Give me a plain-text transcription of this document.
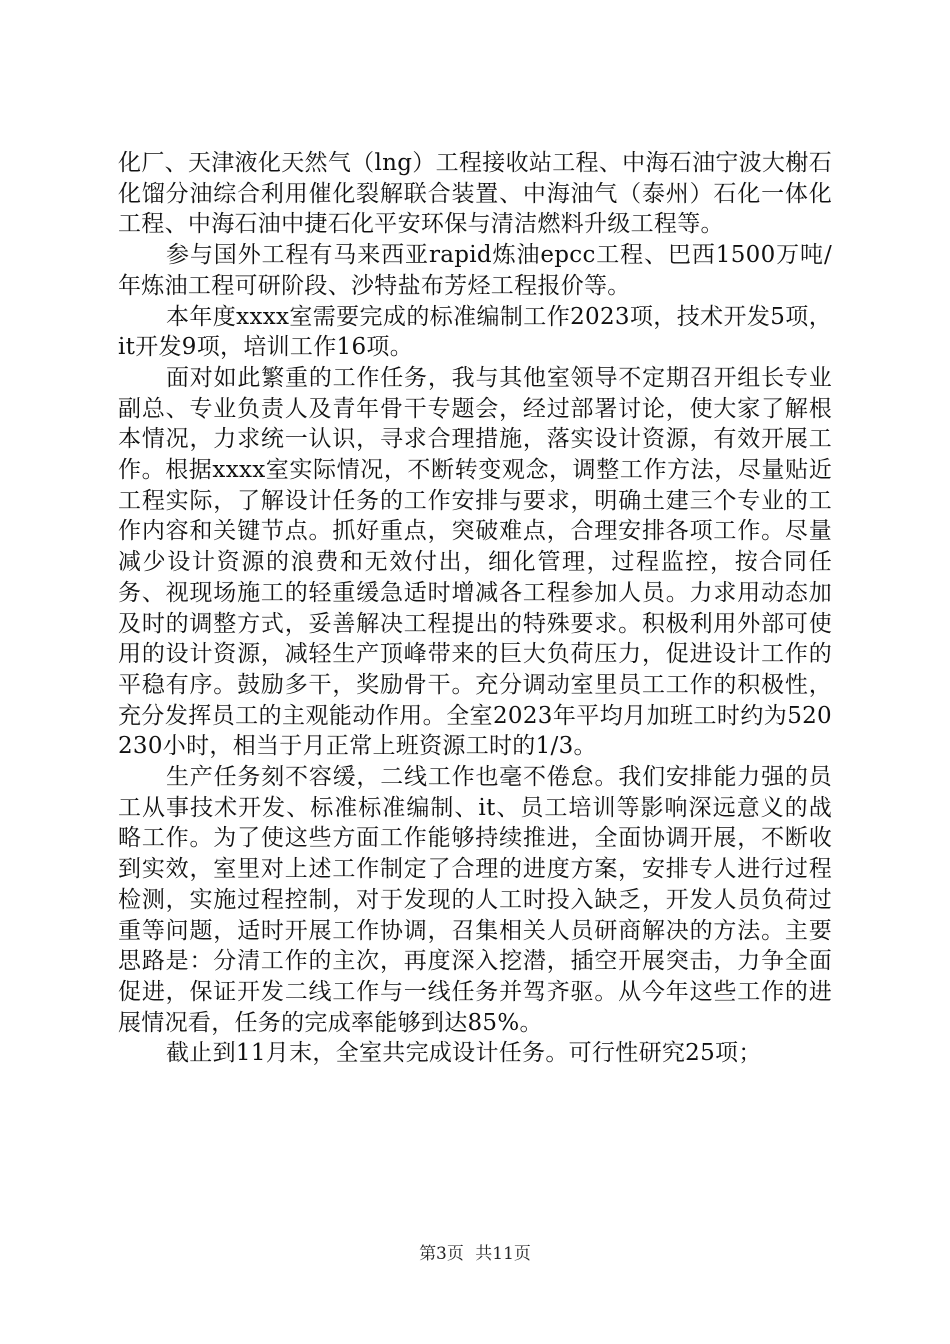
化厂、天津液化天然气（lng）工程接收站工程、中海石油宁波大榭石化馏分油综合利用催化裂解联合装置、中海油气（泰州）石化一体化工程、中海石油中捷石化平安环保与清洁燃料升级工程等。

参与国外工程有马来西亚rapid炼油epcc工程、巴西1500万吨/年炼油工程可研阶段、沙特盐布芳烃工程报价等。

本年度xxxx室需要完成的标准编制工作2023项，技术开发5项，it开发9项，培训工作16项。

面对如此繁重的工作任务，我与其他室领导不定期召开组长专业副总、专业负责人及青年骨干专题会，经过部署讨论，使大家了解根本情况，力求统一认识，寻求合理措施，落实设计资源，有效开展工作。根据xxxx室实际情况，不断转变观念，调整工作方法，尽量贴近工程实际，了解设计任务的工作安排与要求，明确土建三个专业的工作内容和关键节点。抓好重点，突破难点，合理安排各项工作。尽量减少设计资源的浪费和无效付出，细化管理，过程监控，按合同任务、视现场施工的轻重缓急适时增减各工程参加人员。力求用动态加及时的调整方式，妥善解决工程提出的特殊要求。积极利用外部可使用的设计资源，减轻生产顶峰带来的巨大负荷压力，促进设计工作的平稳有序。鼓励多干，奖励骨干。充分调动室里员工工作的积极性，充分发挥员工的主观能动作用。全室2023年平均月加班工时约为520230小时，相当于月正常上班资源工时的1/3。

生产任务刻不容缓，二线工作也毫不倦怠。我们安排能力强的员工从事技术开发、标准标准编制、it、员工培训等影响深远意义的战略工作。为了使这些方面工作能够持续推进，全面协调开展，不断收到实效，室里对上述工作制定了合理的进度方案，安排专人进行过程检测，实施过程控制，对于发现的人工时投入缺乏，开发人员负荷过重等问题，适时开展工作协调，召集相关人员研商解决的方法。主要思路是：分清工作的主次，再度深入挖潜，插空开展突击，力争全面促进，保证开发二线工作与一线任务并驾齐驱。从今年这些工作的进展情况看，任务的完成率能够到达85%。

截止到11月末，全室共完成设计任务。可行性研究25项；

第3页 共11页
